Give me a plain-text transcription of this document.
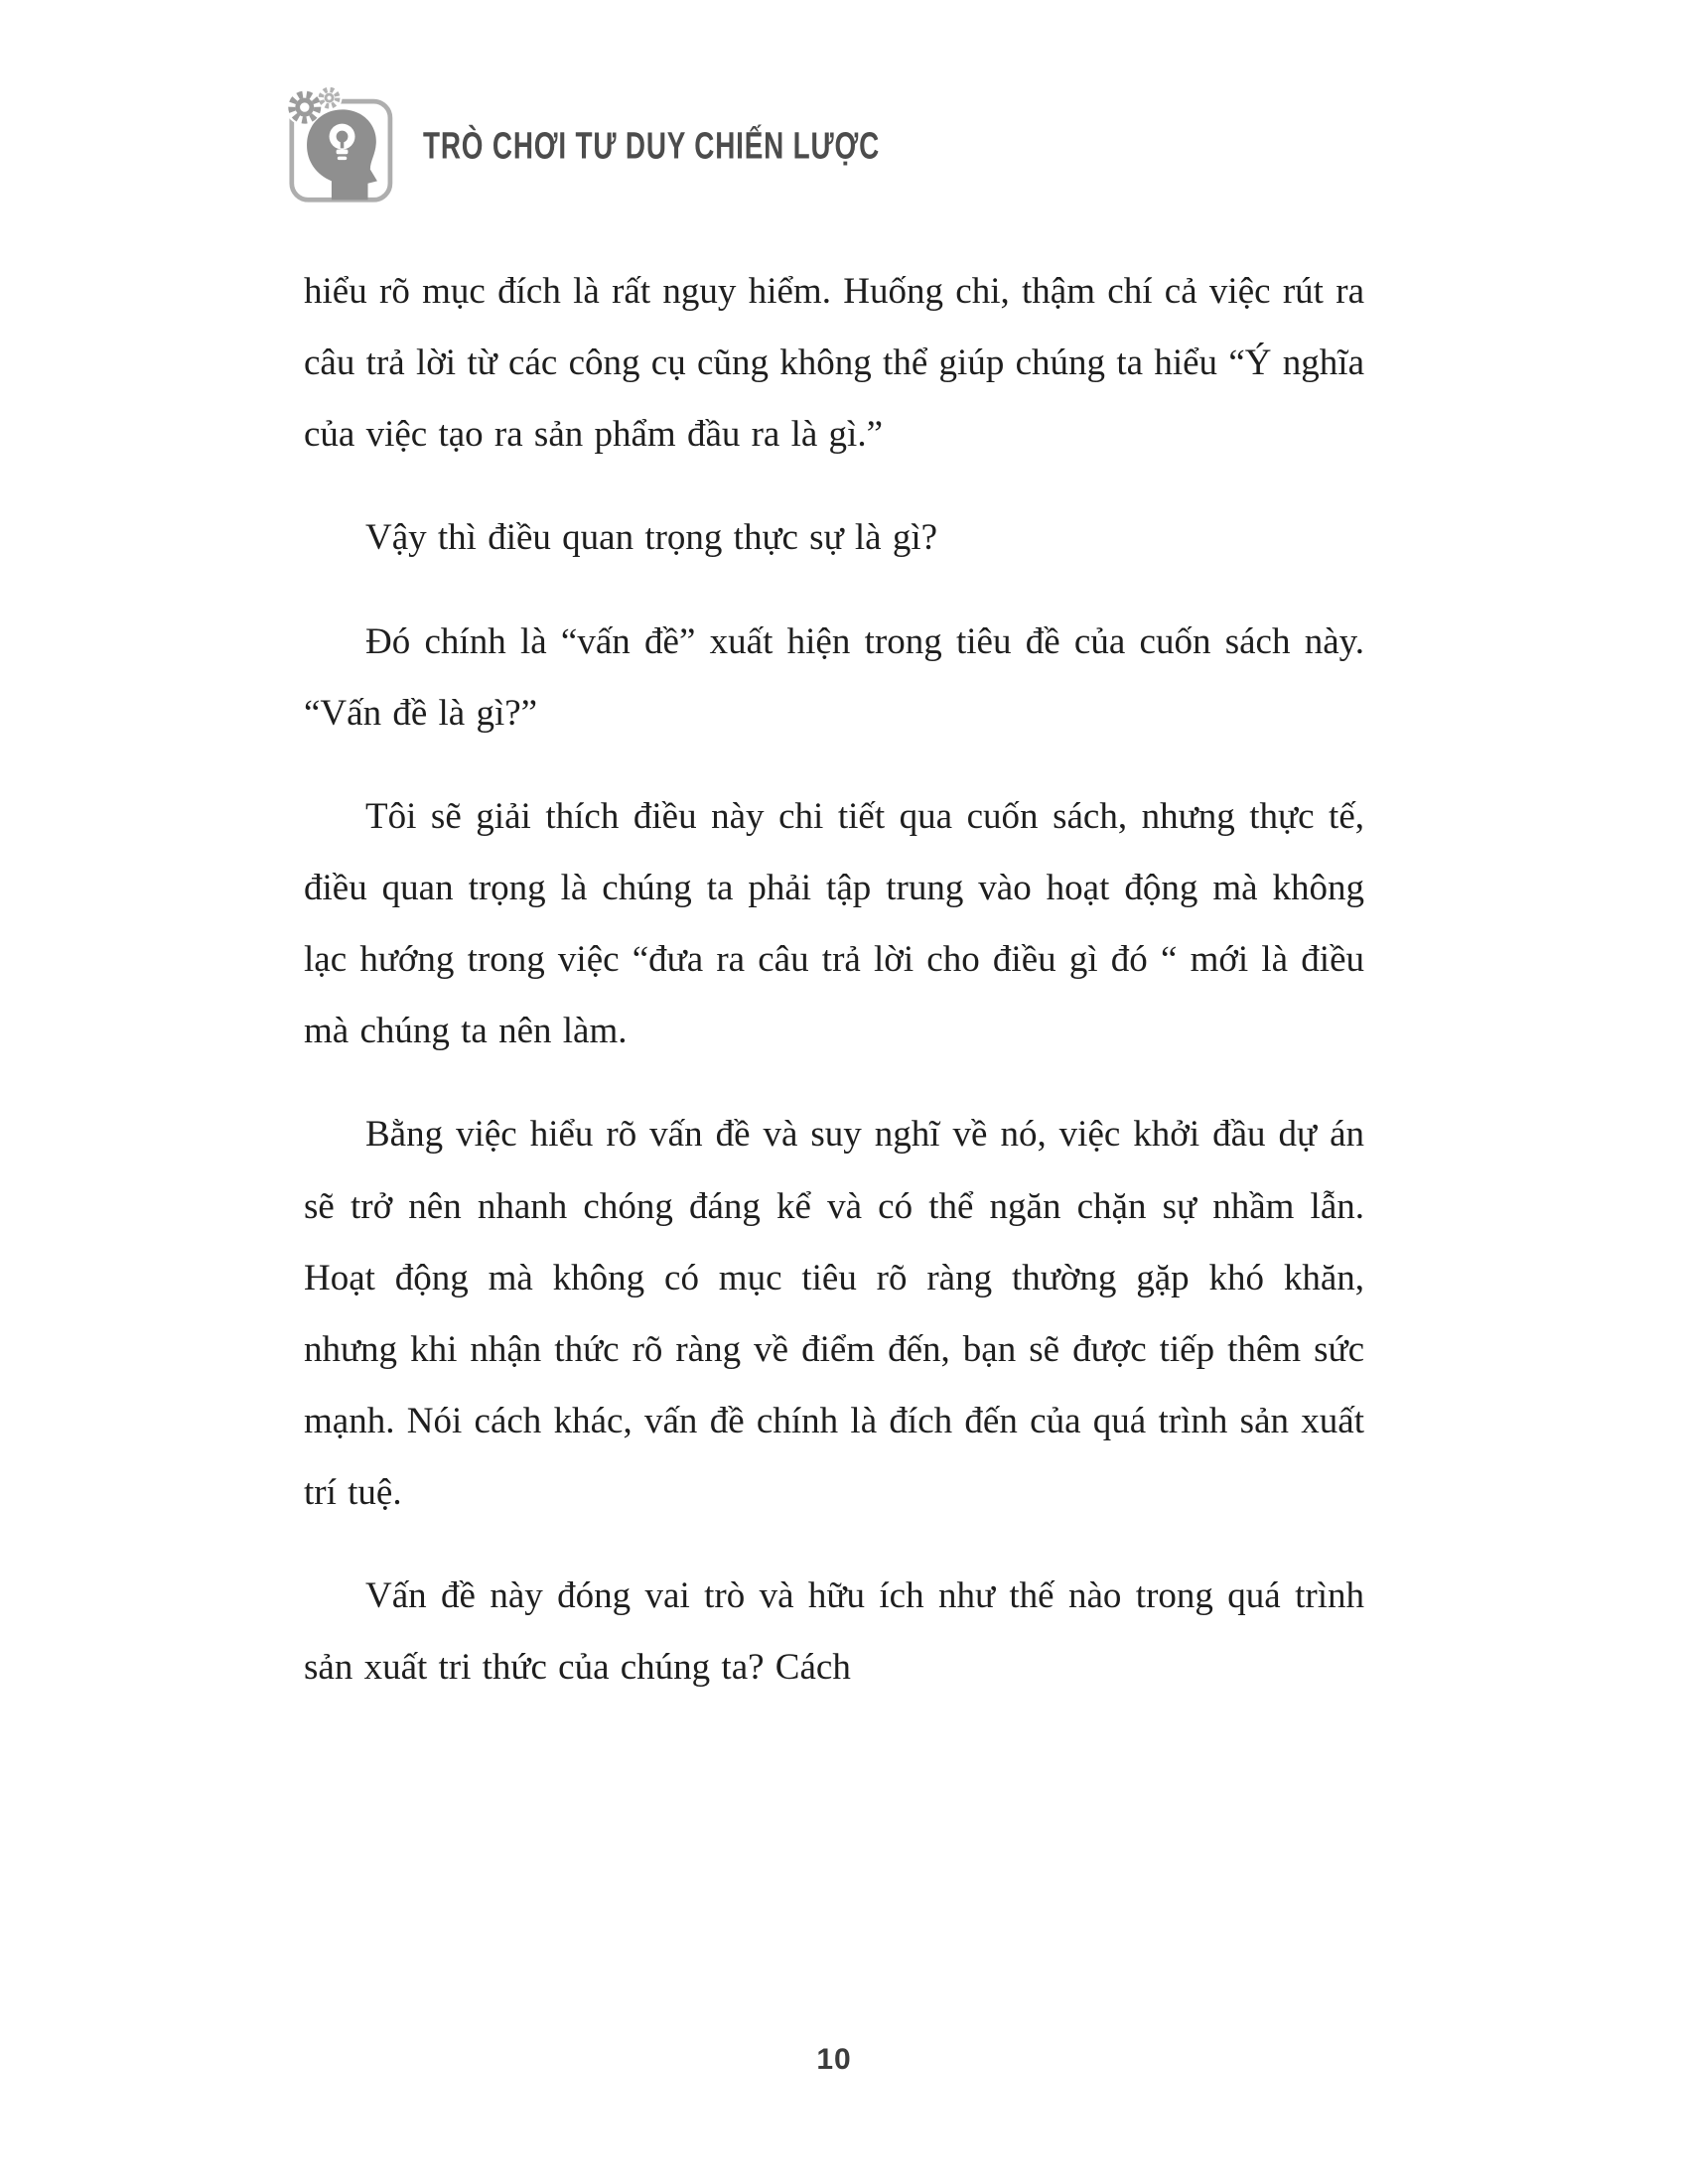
TRÒ CHƠI TƯ DUY CHIẾN LƯỢC

hiểu rõ mục đích là rất nguy hiểm. Huống chi, thậm chí cả việc rút ra câu trả lời từ các công cụ cũng không thể giúp chúng ta hiểu “Ý nghĩa của việc tạo ra sản phẩm đầu ra là gì.”

Vậy thì điều quan trọng thực sự là gì?

Đó chính là “vấn đề” xuất hiện trong tiêu đề của cuốn sách này. “Vấn đề là gì?”

Tôi sẽ giải thích điều này chi tiết qua cuốn sách, nhưng thực tế, điều quan trọng là chúng ta phải tập trung vào hoạt động mà không lạc hướng trong việc “đưa ra câu trả lời cho điều gì đó “ mới là điều mà chúng ta nên làm.

Bằng việc hiểu rõ vấn đề và suy nghĩ về nó, việc khởi đầu dự án sẽ trở nên nhanh chóng đáng kể và có thể ngăn chặn sự nhầm lẫn. Hoạt động mà không có mục tiêu rõ ràng thường gặp khó khăn, nhưng khi nhận thức rõ ràng về điểm đến, bạn sẽ được tiếp thêm sức mạnh. Nói cách khác, vấn đề chính là đích đến của quá trình sản xuất trí tuệ.

Vấn đề này đóng vai trò và hữu ích như thế nào trong quá trình sản xuất tri thức của chúng ta? Cách

10
